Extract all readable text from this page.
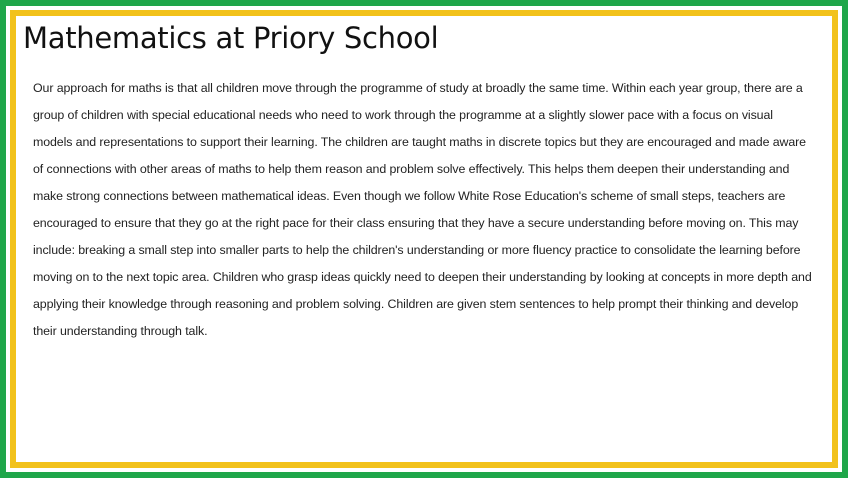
Mathematics at Priory School

Our approach for maths is that all children move through the programme of study at broadly the same time. Within each year group, there are a group of children with special educational needs who need to work through the programme at a slightly slower pace with a focus on visual models and representations to support their learning. The children are taught maths in discrete topics but they are encouraged and made aware of connections with other areas of maths to help them reason and problem solve effectively. This helps them deepen their understanding and make strong connections between mathematical ideas. Even though we follow White Rose Education's scheme of small steps, teachers are encouraged to ensure that they go at the right pace for their class ensuring that they have a secure understanding before moving on. This may include: breaking a small step into smaller parts to help the children's understanding or more fluency practice to consolidate the learning before moving on to the next topic area. Children who grasp ideas quickly need to deepen their understanding by looking at concepts in more depth and applying their knowledge through reasoning and problem solving. Children are given stem sentences to help prompt their thinking and develop their understanding through talk.
